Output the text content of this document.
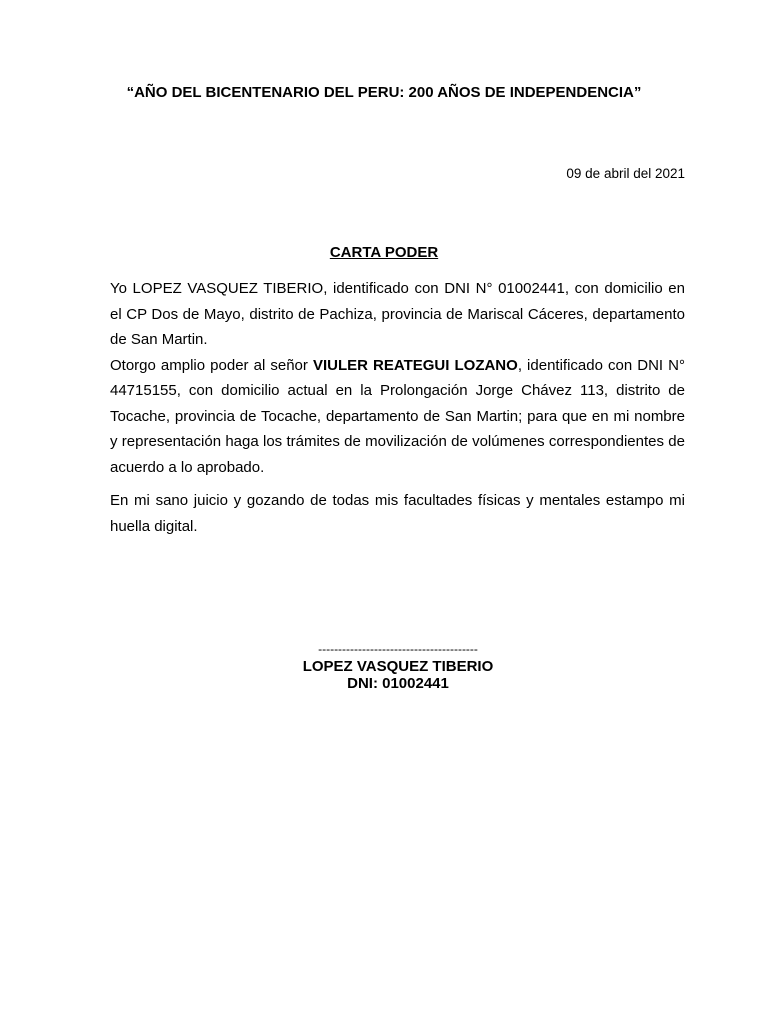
“AÑO DEL BICENTENARIO DEL PERU: 200 AÑOS DE INDEPENDENCIA”
09 de abril del 2021
CARTA PODER

Yo LOPEZ VASQUEZ TIBERIO, identificado con DNI N° 01002441, con domicilio en el CP Dos de Mayo, distrito de Pachiza, provincia de Mariscal Cáceres, departamento de San Martin.

Otorgo amplio poder al señor VIULER REATEGUI LOZANO, identificado con DNI N° 44715155, con domicilio actual en la Prolongación Jorge Chávez 113, distrito de Tocache, provincia de Tocache, departamento de San Martin; para que en mi nombre y representación haga los trámites de movilización de volúmenes correspondientes de acuerdo a lo aprobado.

En mi sano juicio y gozando de todas mis facultades físicas y mentales estampo mi huella digital.

----------------------------------------
LOPEZ VASQUEZ TIBERIO
DNI: 01002441
